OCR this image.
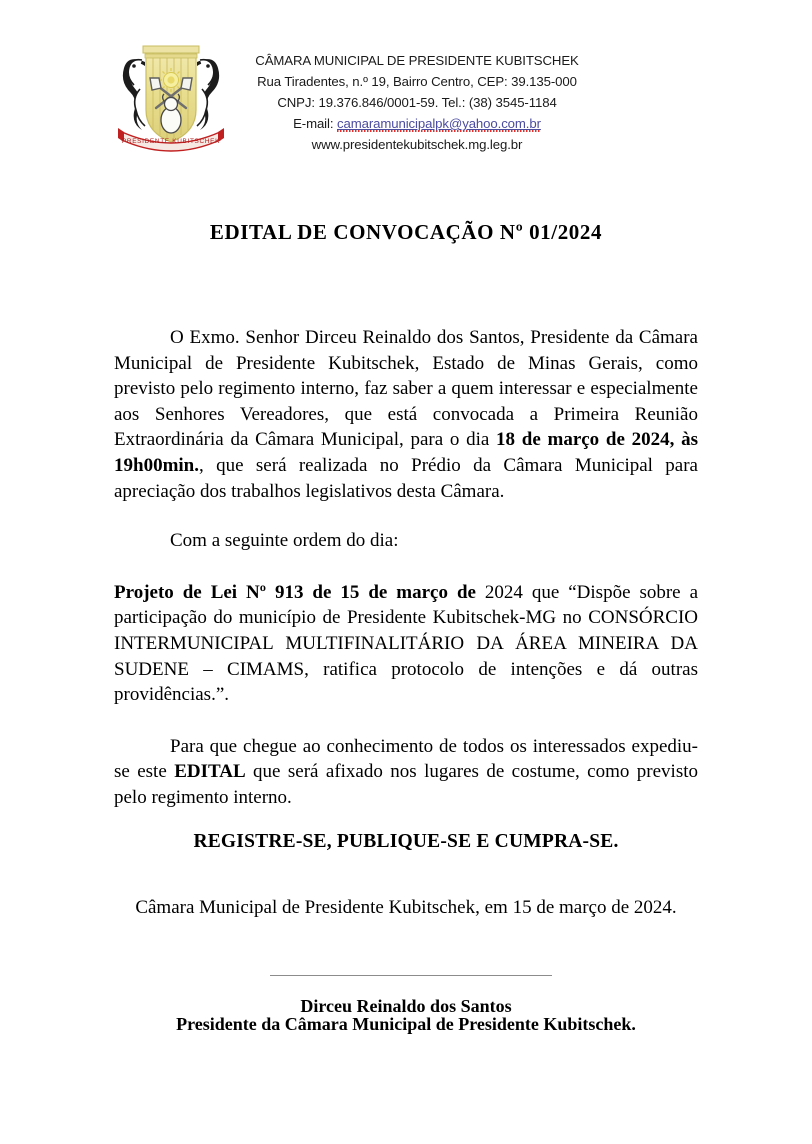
PRESIDENTE KUBITSCHEK
CÂMARA MUNICIPAL DE PRESIDENTE KUBITSCHEK
Rua Tiradentes, n.º 19, Bairro Centro, CEP: 39.135-000
CNPJ: 19.376.846/0001-59. Tel.: (38) 3545-1184
E-mail: camaramunicipalpk@yahoo.com.br
www.presidentekubitschek.mg.leg.br
EDITAL DE CONVOCAÇÃO Nº 01/2024

O Exmo. Senhor Dirceu Reinaldo dos Santos, Presidente da Câmara Municipal de Presidente Kubitschek, Estado de Minas Gerais, como previsto pelo regimento interno, faz saber a quem interessar e especialmente aos Senhores Vereadores, que está convocada a Primeira Reunião Extraordinária da Câmara Municipal, para o dia 18 de março de 2024, às 19h00min., que será realizada no Prédio da Câmara Municipal para apreciação dos trabalhos legislativos desta Câmara.

Com a seguinte ordem do dia:

Projeto de Lei Nº 913 de 15 de março de 2024 que “Dispõe sobre a participação do município de Presidente Kubitschek-MG no CONSÓRCIO INTERMUNICIPAL MULTIFINALITÁRIO DA ÁREA MINEIRA DA SUDENE – CIMAMS, ratifica protocolo de intenções e dá outras providências.”.

Para que chegue ao conhecimento de todos os interessados expediu-se este EDITAL que será afixado nos lugares de costume, como previsto pelo regimento interno.

REGISTRE-SE, PUBLIQUE-SE E CUMPRA-SE.
Câmara Municipal de Presidente Kubitschek, em 15 de março de 2024.
Dirceu Reinaldo dos Santos
Presidente da Câmara Municipal de Presidente Kubitschek.
